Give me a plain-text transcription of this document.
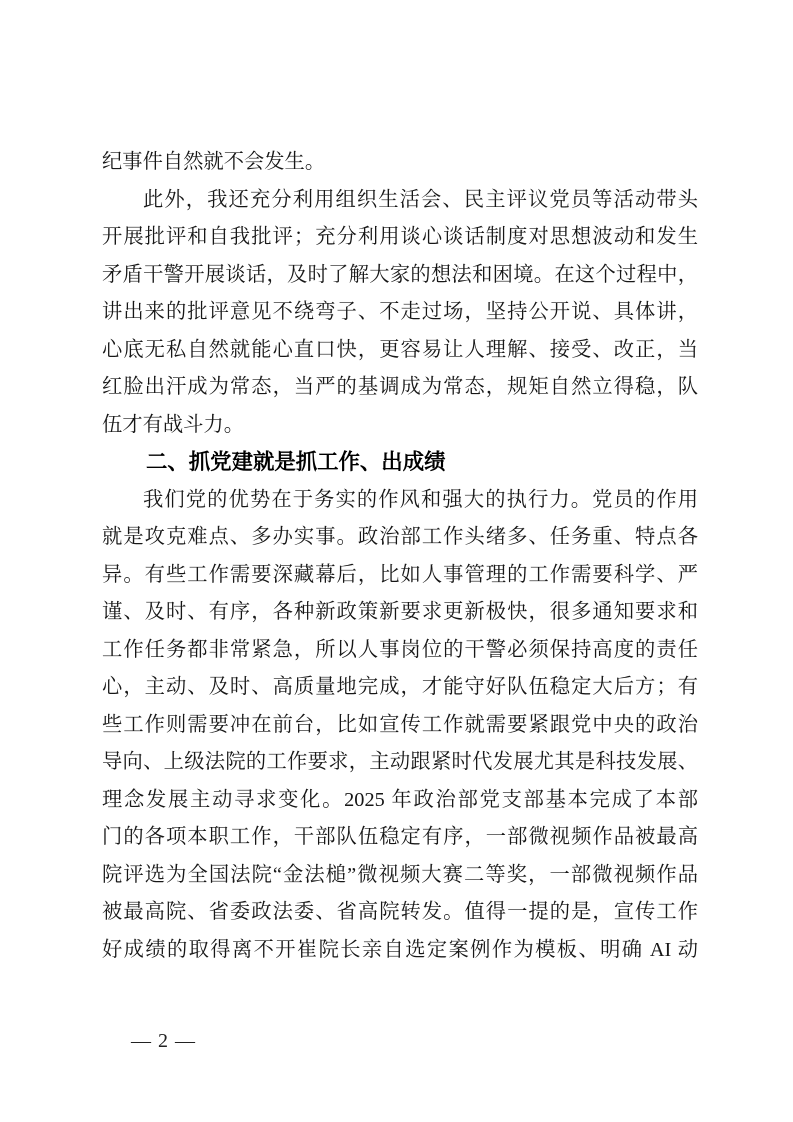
纪事件自然就不会发生。
此外，我还充分利用组织生活会、民主评议党员等活动带头
开展批评和自我批评；充分利用谈心谈话制度对思想波动和发生
矛盾干警开展谈话，及时了解大家的想法和困境。在这个过程中，
讲出来的批评意见不绕弯子、不走过场，坚持公开说、具体讲，
心底无私自然就能心直口快，更容易让人理解、接受、改正，当
红脸出汗成为常态，当严的基调成为常态，规矩自然立得稳，队
伍才有战斗力。
二、抓党建就是抓工作、出成绩
我们党的优势在于务实的作风和强大的执行力。党员的作用
就是攻克难点、多办实事。政治部工作头绪多、任务重、特点各
异。有些工作需要深藏幕后，比如人事管理的工作需要科学、严
谨、及时、有序，各种新政策新要求更新极快，很多通知要求和
工作任务都非常紧急，所以人事岗位的干警必须保持高度的责任
心，主动、及时、高质量地完成，才能守好队伍稳定大后方；有
些工作则需要冲在前台，比如宣传工作就需要紧跟党中央的政治
导向、上级法院的工作要求，主动跟紧时代发展尤其是科技发展、
理念发展主动寻求变化。2025 年政治部党支部基本完成了本部
门的各项本职工作，干部队伍稳定有序，一部微视频作品被最高
院评选为全国法院“金法槌”微视频大赛二等奖，一部微视频作品
被最高院、省委政法委、省高院转发。值得一提的是，宣传工作
好成绩的取得离不开崔院长亲自选定案例作为模板、明确 AI 动
— 2 —
